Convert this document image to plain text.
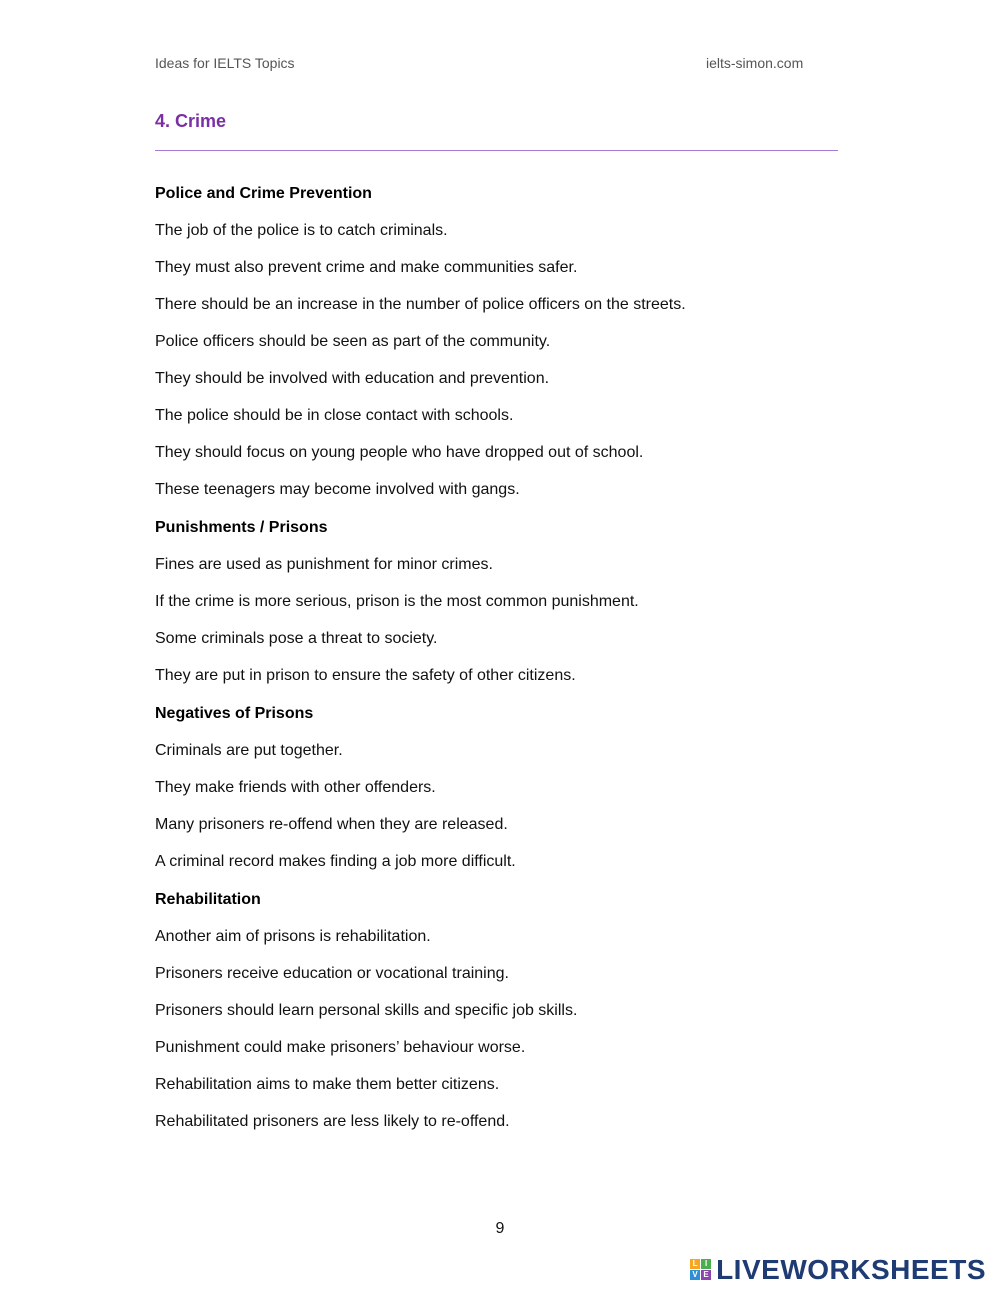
Ideas for IELTS Topics	ielts-simon.com
4. Crime
Police and Crime Prevention
The job of the police is to catch criminals.
They must also prevent crime and make communities safer.
There should be an increase in the number of police officers on the streets.
Police officers should be seen as part of the community.
They should be involved with education and prevention.
The police should be in close contact with schools.
They should focus on young people who have dropped out of school.
These teenagers may become involved with gangs.
Punishments / Prisons
Fines are used as punishment for minor crimes.
If the crime is more serious, prison is the most common punishment.
Some criminals pose a threat to society.
They are put in prison to ensure the safety of other citizens.
Negatives of Prisons
Criminals are put together.
They make friends with other offenders.
Many prisoners re-offend when they are released.
A criminal record makes finding a job more difficult.
Rehabilitation
Another aim of prisons is rehabilitation.
Prisoners receive education or vocational training.
Prisoners should learn personal skills and specific job skills.
Punishment could make prisoners’ behaviour worse.
Rehabilitation aims to make them better citizens.
Rehabilitated prisoners are less likely to re-offend.
9
L I
V E LIVEWORKSHEETS
